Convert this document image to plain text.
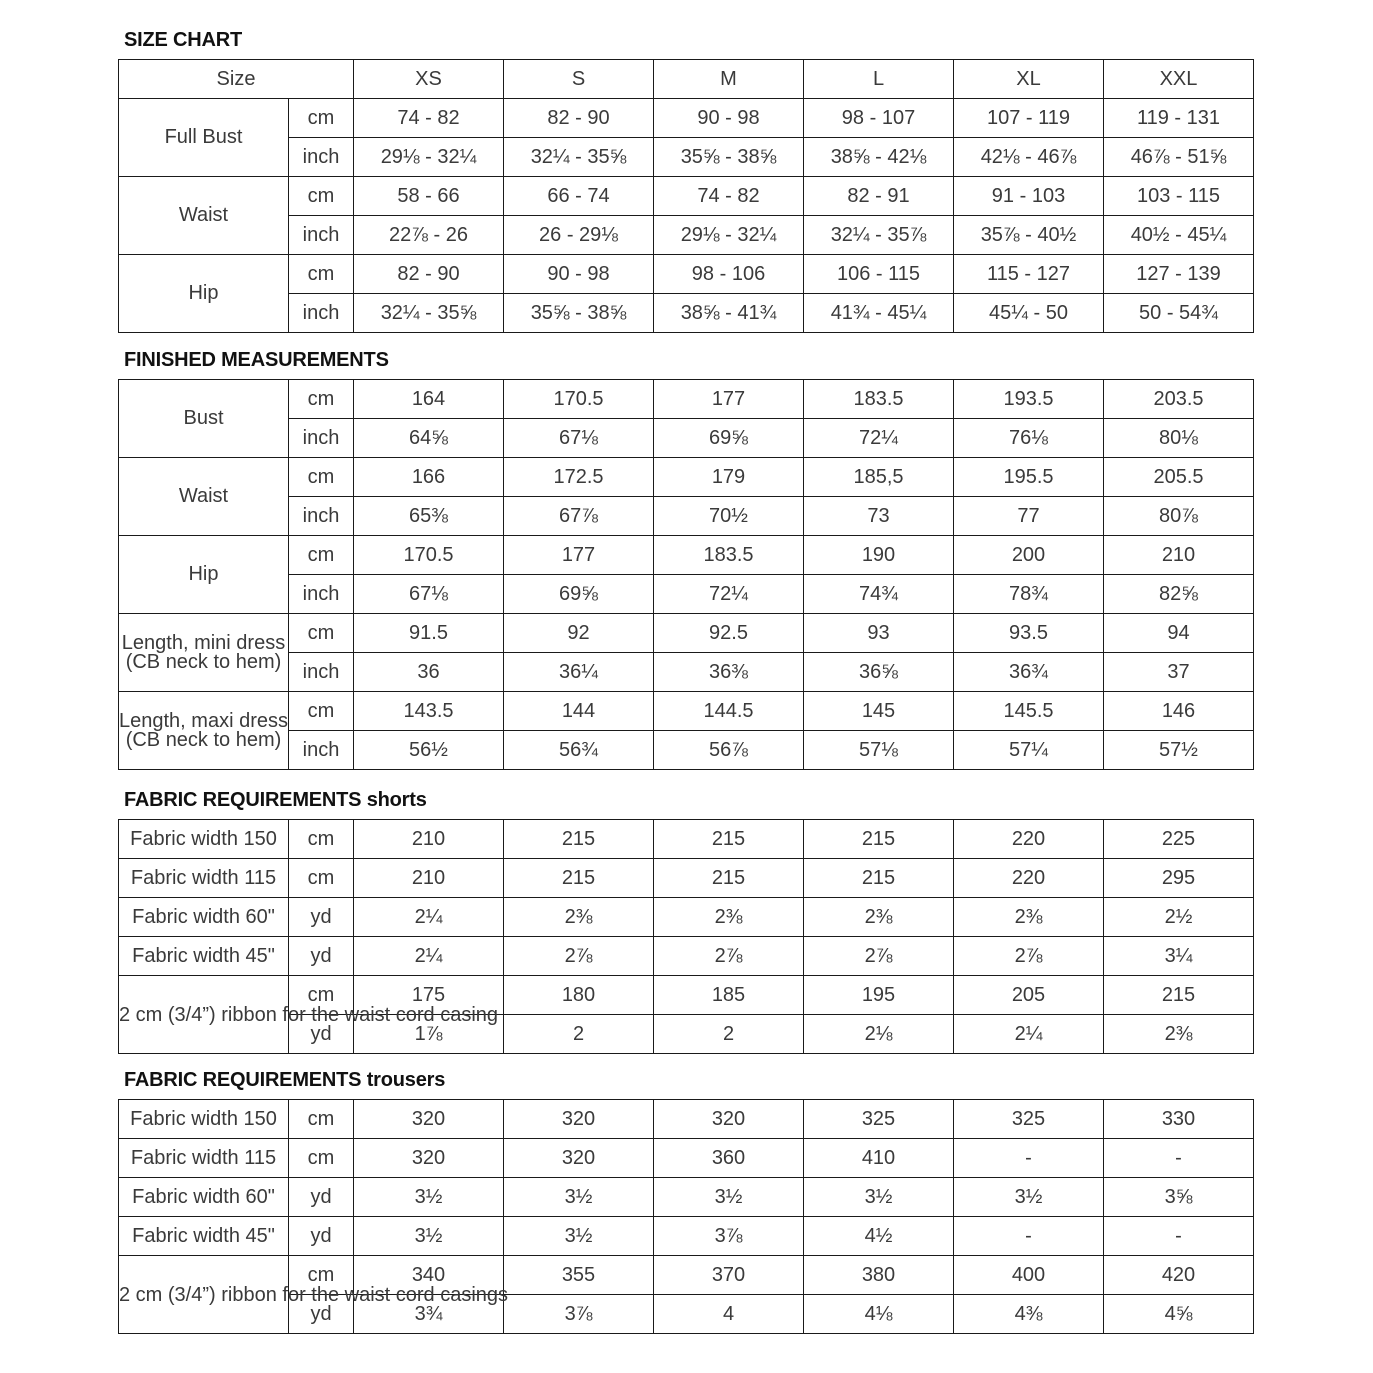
SIZE CHART
Size		XS	S	M	L	XL	XXL
Full Bust	cm	74 - 82	82 - 90	90 - 98	98 - 107	107 - 119	119 - 131
	inch	29⅛ - 32¼	32¼ - 35⅝	35⅝ - 38⅝	38⅝ - 42⅛	42⅛ - 46⅞	46⅞ - 51⅝
Waist	cm	58 - 66	66 - 74	74 - 82	82 - 91	91 - 103	103 - 115
	inch	22⅞ - 26	26 - 29⅛	29⅛ - 32¼	32¼ - 35⅞	35⅞ - 40½	40½ - 45¼
Hip	cm	82 - 90	90 - 98	98 - 106	106 - 115	115 - 127	127 - 139
	inch	32¼ - 35⅝	35⅝ - 38⅝	38⅝ - 41¾	41¾ - 45¼	45¼ - 50	50 - 54¾
FINISHED MEASUREMENTS
Bust	cm	164	170.5	177	183.5	193.5	203.5
	inch	64⅝	67⅛	69⅝	72¼	76⅛	80⅛
Waist	cm	166	172.5	179	185,5	195.5	205.5
	inch	65⅜	67⅞	70½	73	77	80⅞
Hip	cm	170.5	177	183.5	190	200	210
	inch	67⅛	69⅝	72¼	74¾	78¾	82⅝

Length, mini dress
(CB neck to hem)	cm	91.5	92	92.5	93	93.5	94
	inch	36	36¼	36⅜	36⅝	36¾	37

Length, maxi dress
(CB neck to hem)	cm	143.5	144	144.5	145	145.5	146
	inch	56½	56¾	56⅞	57⅛	57¼	57½
FABRIC REQUIREMENTS shorts
Fabric width 150	cm	210	215	215	215	220	225
Fabric width 115	cm	210	215	215	215	220	295
Fabric width 60"	yd	2¼	2⅜	2⅜	2⅜	2⅜	2½
Fabric width 45"	yd	2¼	2⅞	2⅞	2⅞	2⅞	3¼
2 cm (3/4”) ribbon for the waist cord casing	cm	175	180	185	195	205	215
	yd	1⅞	2	2	2⅛	2¼	2⅜
FABRIC REQUIREMENTS trousers
Fabric width 150	cm	320	320	320	325	325	330
Fabric width 115	cm	320	320	360	410	-	-
Fabric width 60"	yd	3½	3½	3½	3½	3½	3⅝
Fabric width 45"	yd	3½	3½	3⅞	4½	-	-
2 cm (3/4”) ribbon for the waist cord casings	cm	340	355	370	380	400	420
	yd	3¾	3⅞	4	4⅛	4⅜	4⅝
